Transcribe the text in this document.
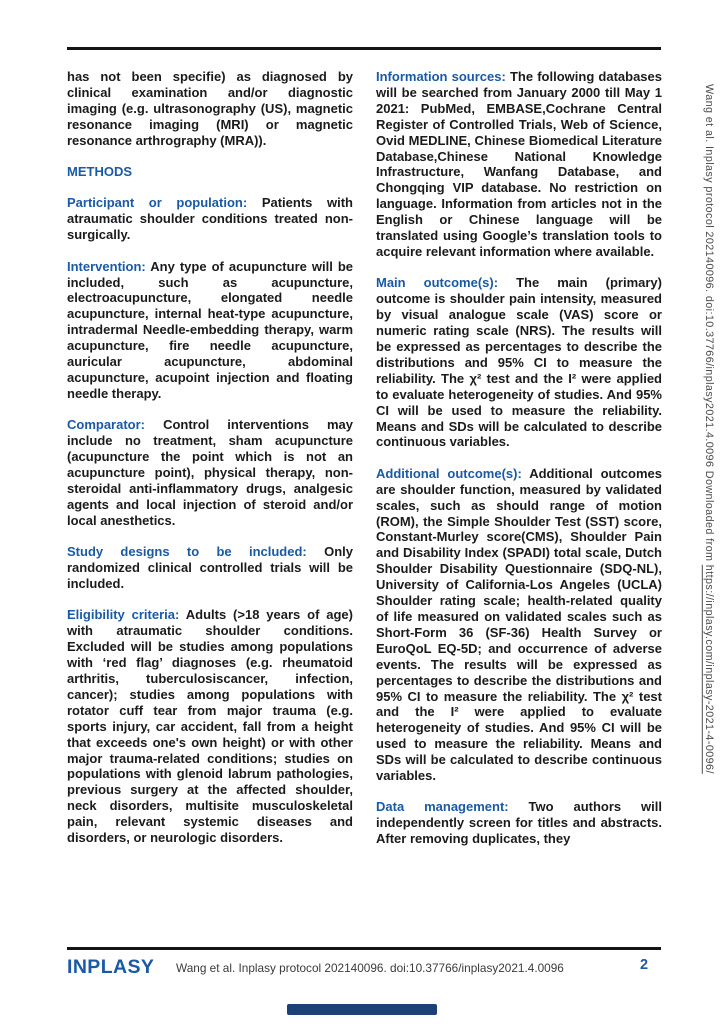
has not been specifie) as diagnosed by clinical examination and/or diagnostic imaging (e.g. ultrasonography (US), magnetic resonance imaging (MRI) or magnetic resonance arthrography (MRA)).

METHODS

Participant or population: Patients with atraumatic shoulder conditions treated non-surgically.

Intervention: Any type of acupuncture will be included, such as acupuncture, electroacupuncture, elongated needle acupuncture, internal heat-type acupuncture, intradermal Needle-embedding therapy, warm acupuncture, fire needle acupuncture, auricular acupuncture, abdominal acupuncture, acupoint injection and floating needle therapy.

Comparator: Control interventions may include no treatment, sham acupuncture (acupuncture the point which is not an acupuncture point), physical therapy, non-steroidal anti-inflammatory drugs, analgesic agents and local injection of steroid and/or local anesthetics.

Study designs to be included: Only randomized clinical controlled trials will be included.

Eligibility criteria: Adults (>18 years of age) with atraumatic shoulder conditions. Excluded will be studies among populations with ‘red flag’ diagnoses (e.g. rheumatoid arthritis, tuberculosiscancer, infection, cancer); studies among populations with rotator cuff tear from major trauma (e.g. sports injury, car accident, fall from a height that exceeds one's own height) or with other major trauma-related conditions; studies on populations with glenoid labrum pathologies, previous surgery at the affected shoulder, neck disorders, multisite musculoskeletal pain, relevant systemic diseases and disorders, or neurologic disorders.

Information sources: The following databases will be searched from January 2000 till May 1 2021: PubMed, EMBASE,Cochrane Central Register of Controlled Trials, Web of Science, Ovid MEDLINE, Chinese Biomedical Literature Database,Chinese National Knowledge Infrastructure, Wanfang Database, and Chongqing VIP database. No restriction on language. Information from articles not in the English or Chinese language will be translated using Google’s translation tools to acquire relevant information where available.

Main outcome(s): The main (primary) outcome is shoulder pain intensity, measured by visual analogue scale (VAS) score or numeric rating scale (NRS). The results will be expressed as percentages to describe the distributions and 95% CI to measure the reliability. The χ² test and the I² were applied to evaluate heterogeneity of studies. And 95% CI will be used to measure the reliability. Means and SDs will be calculated to describe continuous variables.

Additional outcome(s): Additional outcomes are shoulder function, measured by validated scales, such as should range of motion (ROM), the Simple Shoulder Test (SST) score, Constant-Murley score(CMS), Shoulder Pain and Disability Index (SPADI) total scale, Dutch Shoulder Disability Questionnaire (SDQ-NL), University of California-Los Angeles (UCLA) Shoulder rating scale; health-related quality of life measured on validated scales such as Short-Form 36 (SF-36) Health Survey or EuroQoL EQ-5D; and occurrence of adverse events. The results will be expressed as percentages to describe the distributions and 95% CI to measure the reliability. The χ² test and the I² were applied to evaluate heterogeneity of studies. And 95% CI will be used to measure the reliability. Means and SDs will be calculated to describe continuous variables.

Data management: Two authors will independently screen for titles and abstracts. After removing duplicates, they

Wang et al. Inplasy protocol 202140096. doi:10.37766/inplasy2021.4.0096 Downloaded from https://inplasy.com/inplasy-2021-4-0096/
INPLASY Wang et al. Inplasy protocol 202140096. doi:10.37766/inplasy2021.4.0096	2
